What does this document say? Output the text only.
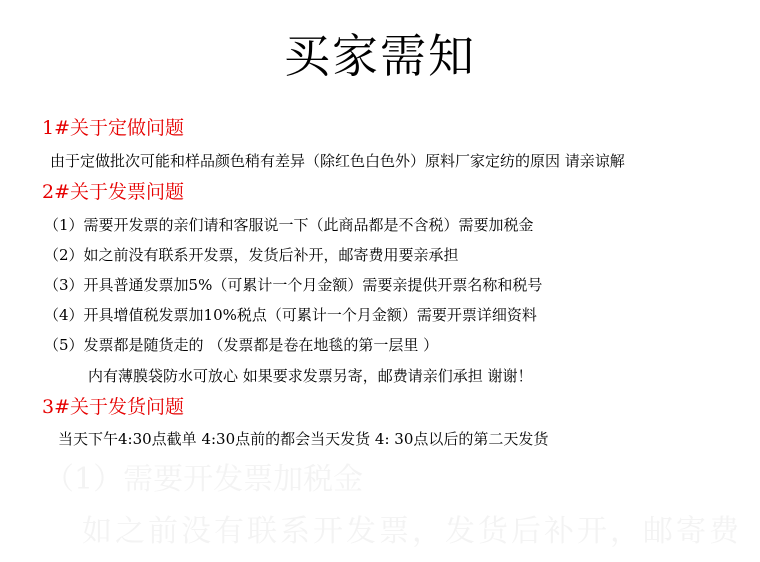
（1）需要开发票加税金
如之前没有联系开发票，发货后补开，邮寄费
买家需知
1#关于定做问题
由于定做批次可能和样品颜色稍有差异（除红色白色外）原料厂家定纺的原因 请亲谅解
2#关于发票问题
（1）需要开发票的亲们请和客服说一下（此商品都是不含税）需要加税金
（2）如之前没有联系开发票，发货后补开，邮寄费用要亲承担
（3）开具普通发票加5%（可累计一个月金额）需要亲提供开票名称和税号
（4）开具增值税发票加10%税点（可累计一个月金额）需要开票详细资料
（5）发票都是随货走的 （发票都是卷在地毯的第一层里 ）
内有薄膜袋防水可放心 如果要求发票另寄，邮费请亲们承担 谢谢！
3#关于发货问题
当天下午4:30点截单 4:30点前的都会当天发货 4: 30点以后的第二天发货
